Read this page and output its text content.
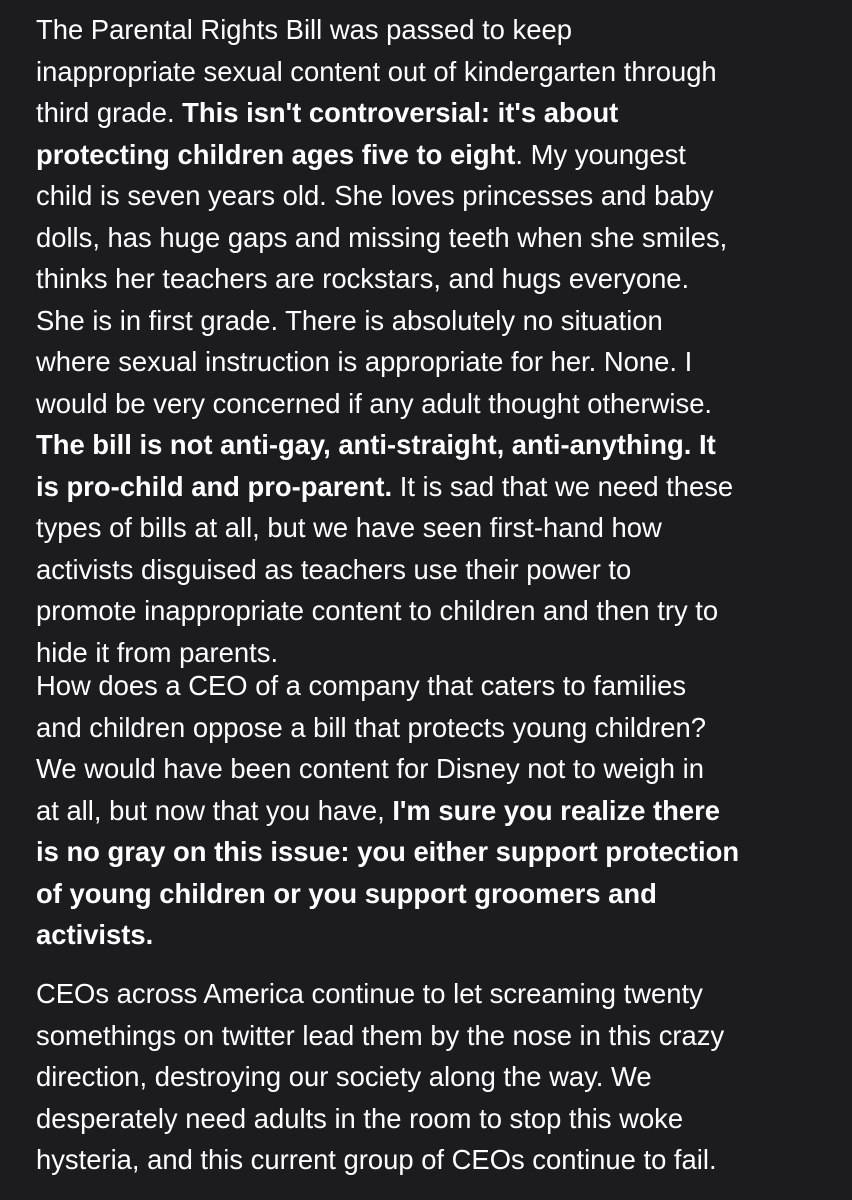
The Parental Rights Bill was passed to keep
inappropriate sexual content out of kindergarten through
third grade. This isn't controversial: it's about
protecting children ages five to eight. My youngest
child is seven years old. She loves princesses and baby
dolls, has huge gaps and missing teeth when she smiles,
thinks her teachers are rockstars, and hugs everyone.
She is in first grade. There is absolutely no situation
where sexual instruction is appropriate for her. None. I
would be very concerned if any adult thought otherwise.
The bill is not anti-gay, anti-straight, anti-anything. It
is pro-child and pro-parent. It is sad that we need these
types of bills at all, but we have seen first-hand how
activists disguised as teachers use their power to
promote inappropriate content to children and then try to
hide it from parents.
How does a CEO of a company that caters to families
and children oppose a bill that protects young children?
We would have been content for Disney not to weigh in
at all, but now that you have, I'm sure you realize there
is no gray on this issue: you either support protection
of young children or you support groomers and
activists.
CEOs across America continue to let screaming twenty
somethings on twitter lead them by the nose in this crazy
direction, destroying our society along the way. We
desperately need adults in the room to stop this woke
hysteria, and this current group of CEOs continue to fail.
